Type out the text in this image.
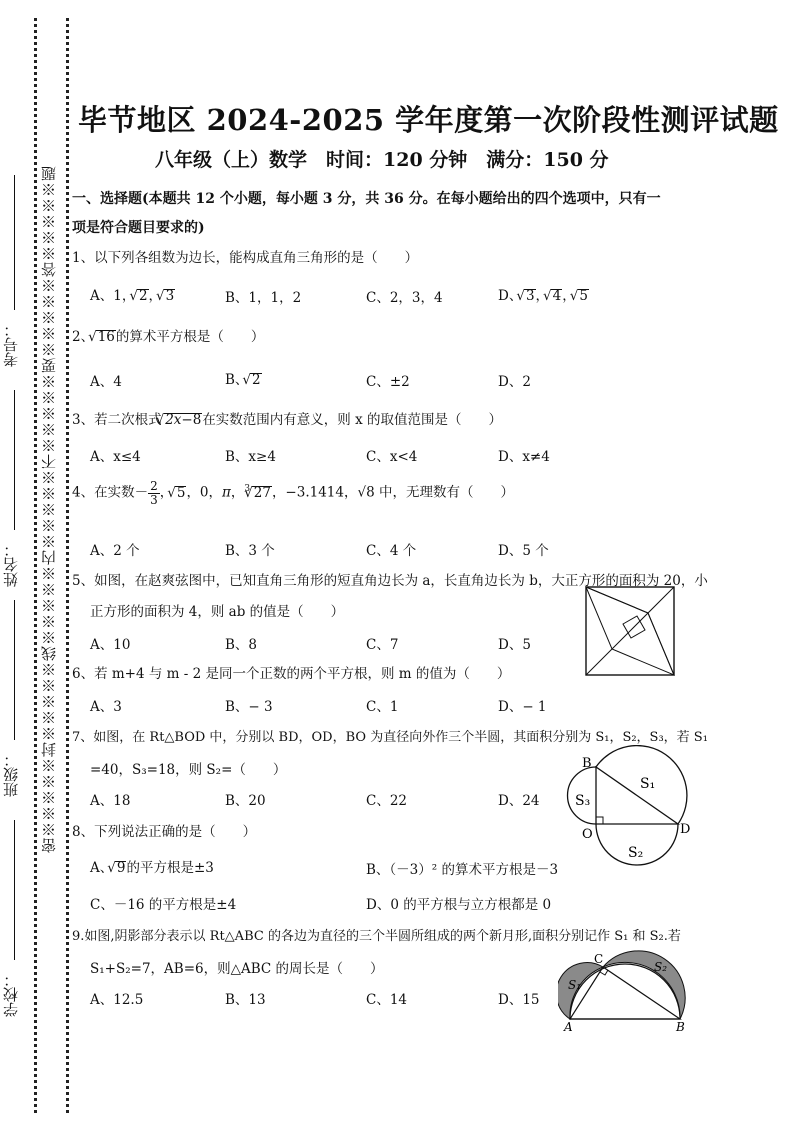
密※※※※※封※※※※※线※※※※※内※※※※※不※※※※※要※※※※※答※※※※※题
学校：
班级：
姓名：
考号：
毕节地区 2024-2025 学年度第一次阶段性测评试题
八年级（上）数学　时间：120 分钟　满分：150 分
一、选择题(本题共 12 个小题，每小题 3 分，共 36 分。在每小题给出的四个选项中，只有一
项是符合题目要求的)
1、以下列各组数为边长，能构成直角三角形的是（　　）
A、1， √ 2， √ 3	B、1，1，2	C、2，3，4	D、 √ 3， √ 4， √ 5
2、 √ 16的算术平方根是（　　）
A、4	B、 √ 2	C、±2	D、2
3、若二次根式 √ 2x−8在实数范围内有意义，则 x 的取值范围是（　　）
A、x≤4	B、x≥4	C、x<4	D、x≠4
4、在实数－ $\frac{2}{3}$ ， √ 5，0，π，$^3$ √ 27，−3.1414，√8 中，无理数有（　　）
A、2 个	B、3 个	C、4 个	D、5 个
5、如图，在赵爽弦图中，已知直角三角形的短直角边长为 a，长直角边长为 b，大正方形的面积为 20，小
正方形的面积为 4，则 ab 的值是（　　）
A、10	B、8	C、7	D、5
6、若 m+4 与 m - 2 是同一个正数的两个平方根，则 m 的值为（　　）
A、3	B、− 3	C、1	D、− 1
7、如图，在 Rt△BOD 中，分别以 BD，OD，BO 为直径向外作三个半圆，其面积分别为 S₁，S₂，S₃，若 S₁
=40，S₃=18，则 S₂=（　　）
A、18	B、20	C、22	D、24
B
O	D
S₁
S₂
S₃
8、下列说法正确的是（　　）
A、 √ 9的平方根是±3	B、（－3）² 的算术平方根是－3
C、－16 的平方根是±4	D、0 的平方根与立方根都是 0
9.如图,阴影部分表示以 Rt△ABC 的各边为直径的三个半圆所组成的两个新月形,面积分别记作 S₁ 和 S₂.若
S₁+S₂=7，AB=6，则△ABC 的周长是（　　）
A、12.5	B、13	C、14	D、15
C
A	B
S₁
S₂
